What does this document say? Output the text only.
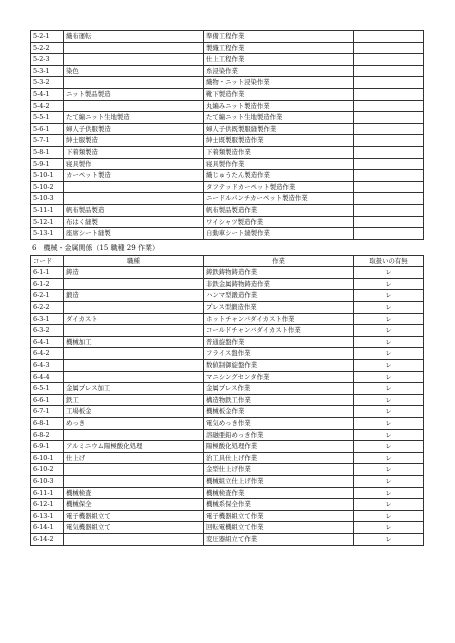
5-2-1	織布運転	準備工程作業	
5-2-2		製織工程作業	
5-2-3		仕上工程作業	
5-3-1	染色	糸浸染作業	
5-3-2		織物・ニット浸染作業	
5-4-1	ニット製品製造	靴下製造作業	
5-4-2		丸編みニット製造作業	
5-5-1	たて編ニット生地製造	たて編ニット生地製造作業	
5-6-1	婦人子供服製造	婦人子供既製服縫製作業	
5-7-1	紳士服製造	紳士既製服製造作業	
5-8-1	下着類製造	下着類製造作業	
5-9-1	寝具製作	寝具製作作業	
5-10-1	カーペット製造	織じゅうたん製造作業	
5-10-2		タフテッドカーペット製造作業	
5-10-3		ニードルパンチカーペット製造作業	
5-11-1	帆布製品製造	帆布製品製造作業	
5-12-1	布はく縫製	ワイシャツ製造作業	
5-13-1	座席シート縫製	自動車シート縫製作業	
6　機械・金属関係（15 職種 29 作業）
コード	職種	作業	取扱いの有無
6-1-1	鋳造	鋳鉄鋳物鋳造作業	レ
6-1-2		非鉄金属鋳物鋳造作業	レ
6-2-1	鍛造	ハンマ型鍛造作業	レ
6-2-2		プレス型鍛造作業	レ
6-3-1	ダイカスト	ホットチャンバダイカスト作業	レ
6-3-2		コールドチャンバダイカスト作業	レ
6-4-1	機械加工	普通旋盤作業	レ
6-4-2		フライス盤作業	レ
6-4-3		数値制御旋盤作業	レ
6-4-4		マニシングセンタ作業	レ
6-5-1	金属プレス加工	金属プレス作業	レ
6-6-1	鉄工	構造物鉄工作業	レ
6-7-1	工場板金	機械板金作業	レ
6-8-1	めっき	電気めっき作業	レ
6-8-2		溶融亜鉛めっき作業	レ
6-9-1	アルミニウム陽極酸化処理	陽極酸化処理作業	レ
6-10-1	仕上げ	治工具仕上げ作業	レ
6-10-2		金型仕上げ作業	レ
6-10-3		機械組立仕上げ作業	レ
6-11-1	機械検査	機械検査作業	レ
6-12-1	機械保全	機械系保全作業	レ
6-13-1	電子機器組立て	電子機器組立て作業	レ
6-14-1	電気機器組立て	回転電機組立て作業	レ
6-14-2		変圧器組立て作業	レ
